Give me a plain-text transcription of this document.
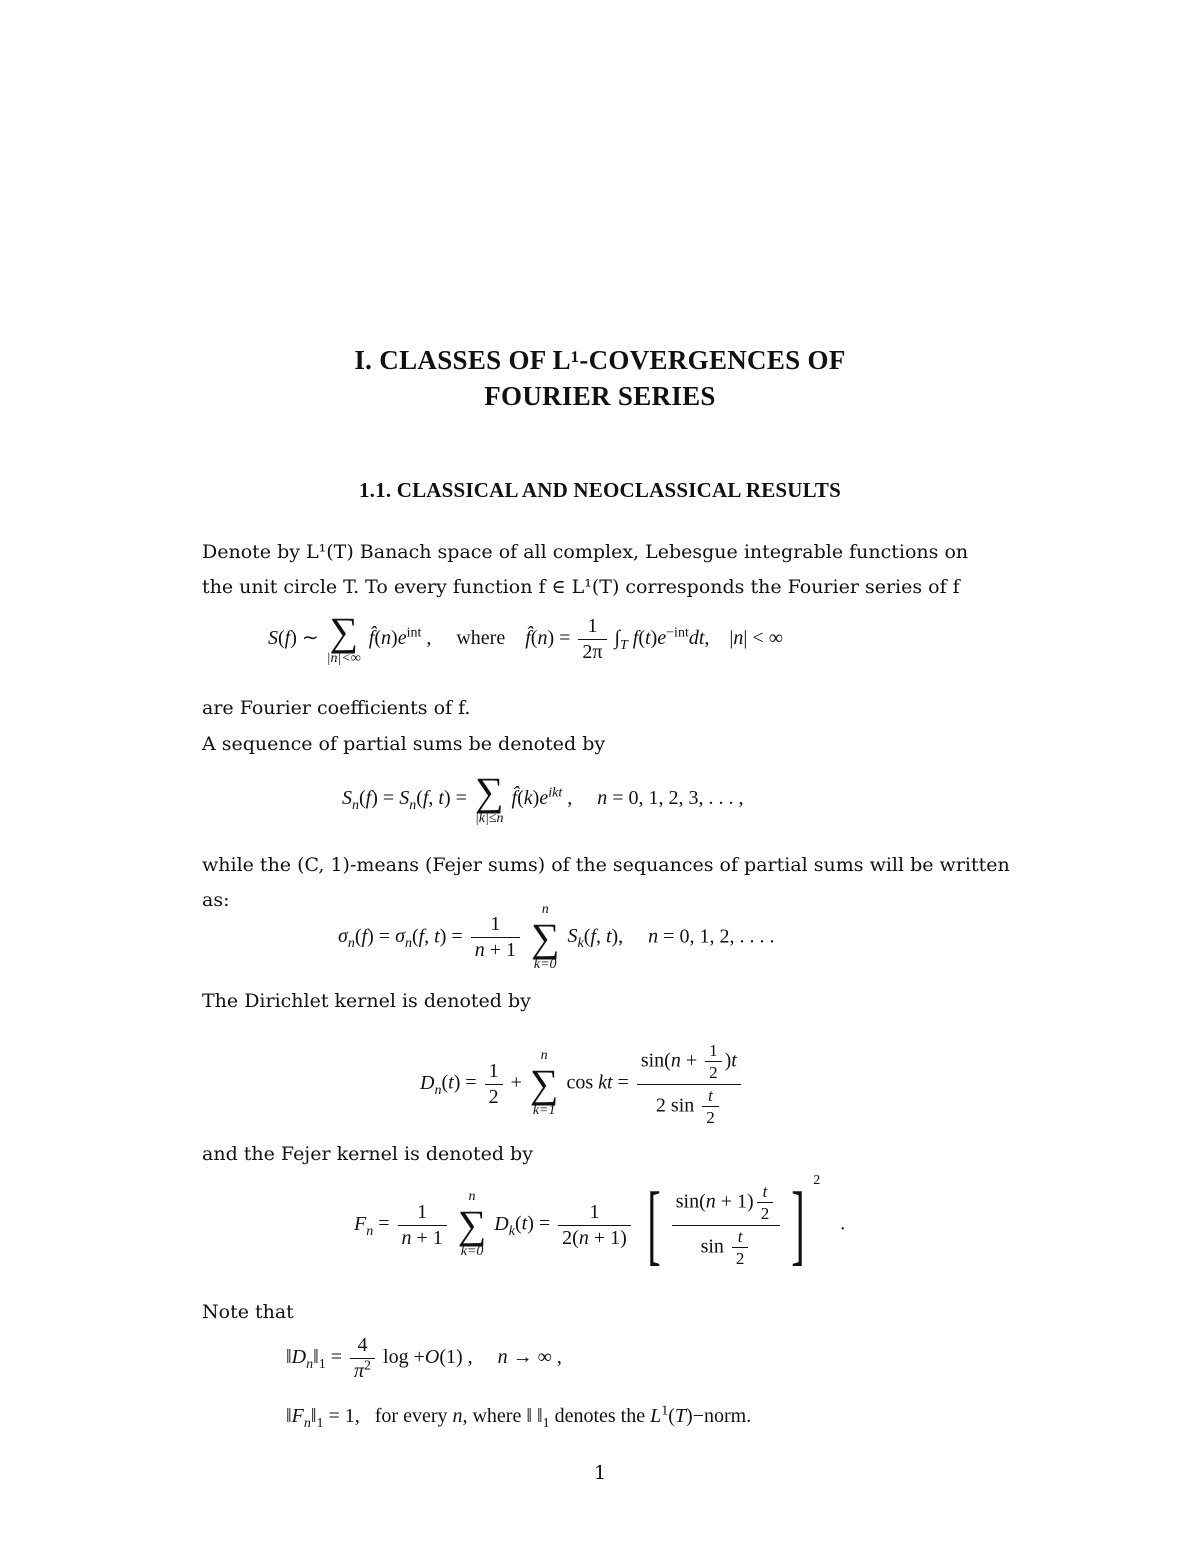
I. CLASSES OF L¹-COVERGENCES OF
FOURIER SERIES
1.1. CLASSICAL AND NEOCLASSICAL RESULTS
Denote by L¹(T) Banach space of all complex, Lebesgue integrable functions on
the unit circle T. To every function f ∈ L¹(T) corresponds the Fourier series of f
S(f) ∼ ∑
|n|<∞
$f̂(n)e^{int}$ ,     where    f̂(n) = $\frac{1}{2\pi} \int_T$ $f(t)e^{-int}dt$,    |n| < ∞
are Fourier coefficients of f.
A sequence of partial sums be denoted by
$S_n(f) = S_n(f$, t) = ∑
|k|≤n
$f̂(k)e^{ikt}$ ,     n = 0, 1, 2, 3, . . . ,
while the (C, 1)-means (Fejer sums) of the sequances of partial sums will be written
as:
$\sigma_n(f) = \sigma_n(f$, $t) = \frac{1}{n + 1}$

n
∑
k=0
$S_k(f$, t),     n = 0, 1, 2, . . . .
The Dirichlet kernel is denoted by
$D_n(t) = \frac{1}{2}$ +
n
∑
k=1
cos kt = $\frac{\sin(n + \frac{1}{2} )t}{2 \sin \frac{t}{2}}$
and the Fejer kernel is denoted by
$F_n = \frac{1}{n + 1}$

n
∑
k=0
$D_k(t) = \frac{1}{2(n + 1)}$ [ $\frac{\sin(n + 1) \frac{t}{2}}{\sin \frac{t}{2}}$ ] $^2$    .
Note that
$‖D_n‖_1 = \frac{4}{\pi^2}$ log +O(1) ,     n → ∞ ,
$‖F_n‖_1 = 1$,   for every n, where ‖ $‖_1$ denotes the $L^1(T)-norm$.
1
